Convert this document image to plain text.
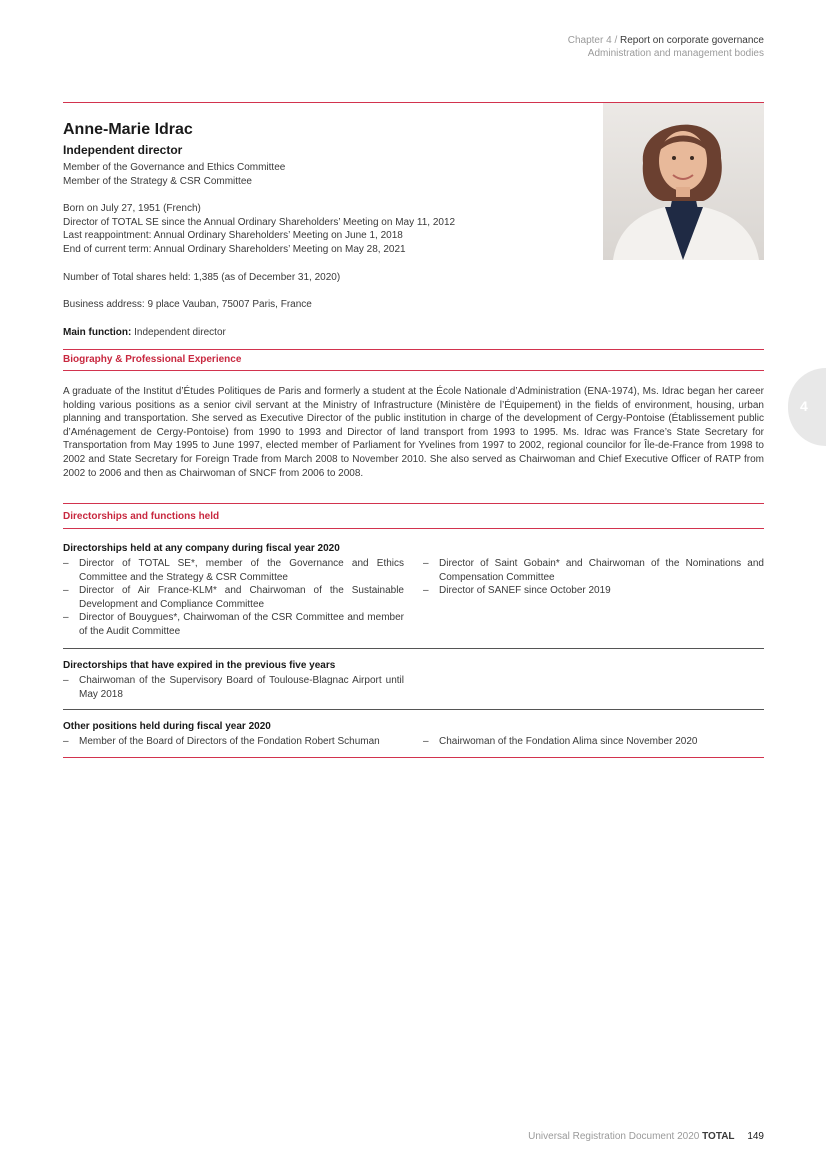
Chapter 4 / Report on corporate governance
Administration and management bodies
Anne-Marie Idrac
Independent director
Member of the Governance and Ethics Committee
Member of the Strategy & CSR Committee
Born on July 27, 1951 (French)
Director of TOTAL SE since the Annual Ordinary Shareholders’ Meeting on May 11, 2012
Last reappointment: Annual Ordinary Shareholders’ Meeting on June 1, 2018
End of current term: Annual Ordinary Shareholders’ Meeting on May 28, 2021
Number of Total shares held: 1,385 (as of December 31, 2020)
Business address: 9 place Vauban, 75007 Paris, France
Main function: Independent director
Biography & Professional Experience
A graduate of the Institut d’Études Politiques de Paris and formerly a student at the École Nationale d’Administration (ENA-1974), Ms. Idrac began her career holding various positions as a senior civil servant at the Ministry of Infrastructure (Ministère de l’Équipement) in the fields of environment, housing, urban planning and transportation. She served as Executive Director of the public institution in charge of the development of Cergy-Pontoise (Établissement public d’Aménagement de Cergy-Pontoise) from 1990 to 1993 and Director of land transport from 1993 to 1995. Ms. Idrac was France’s State Secretary for Transportation from May 1995 to June 1997, elected member of Parliament for Yvelines from 1997 to 2002, regional councilor for Île-de-France from 1998 to 2002 and State Secretary for Foreign Trade from March 2008 to November 2010. She also served as Chairwoman and Chief Executive Officer of RATP from 2002 to 2006 and then as Chairwoman of SNCF from 2006 to 2008.
4
Directorships and functions held
Directorships held at any company during fiscal year 2020
– Director of TOTAL SE*, member of the Governance and Ethics Committee and the Strategy & CSR Committee
– Director of Air France-KLM* and Chairwoman of the Sustainable Development and Compliance Committee
– Director of Bouygues*, Chairwoman of the CSR Committee and member of the Audit Committee
– Director of Saint Gobain* and Chairwoman of the Nominations and Compensation Committee
– Director of SANEF since October 2019
Directorships that have expired in the previous five years
– Chairwoman of the Supervisory Board of Toulouse-Blagnac Airport until May 2018
Other positions held during fiscal year 2020
– Member of the Board of Directors of the Fondation Robert Schuman
–	Chairwoman of the Fondation Alima since November 2020
Universal Registration Document 2020 TOTAL 149
